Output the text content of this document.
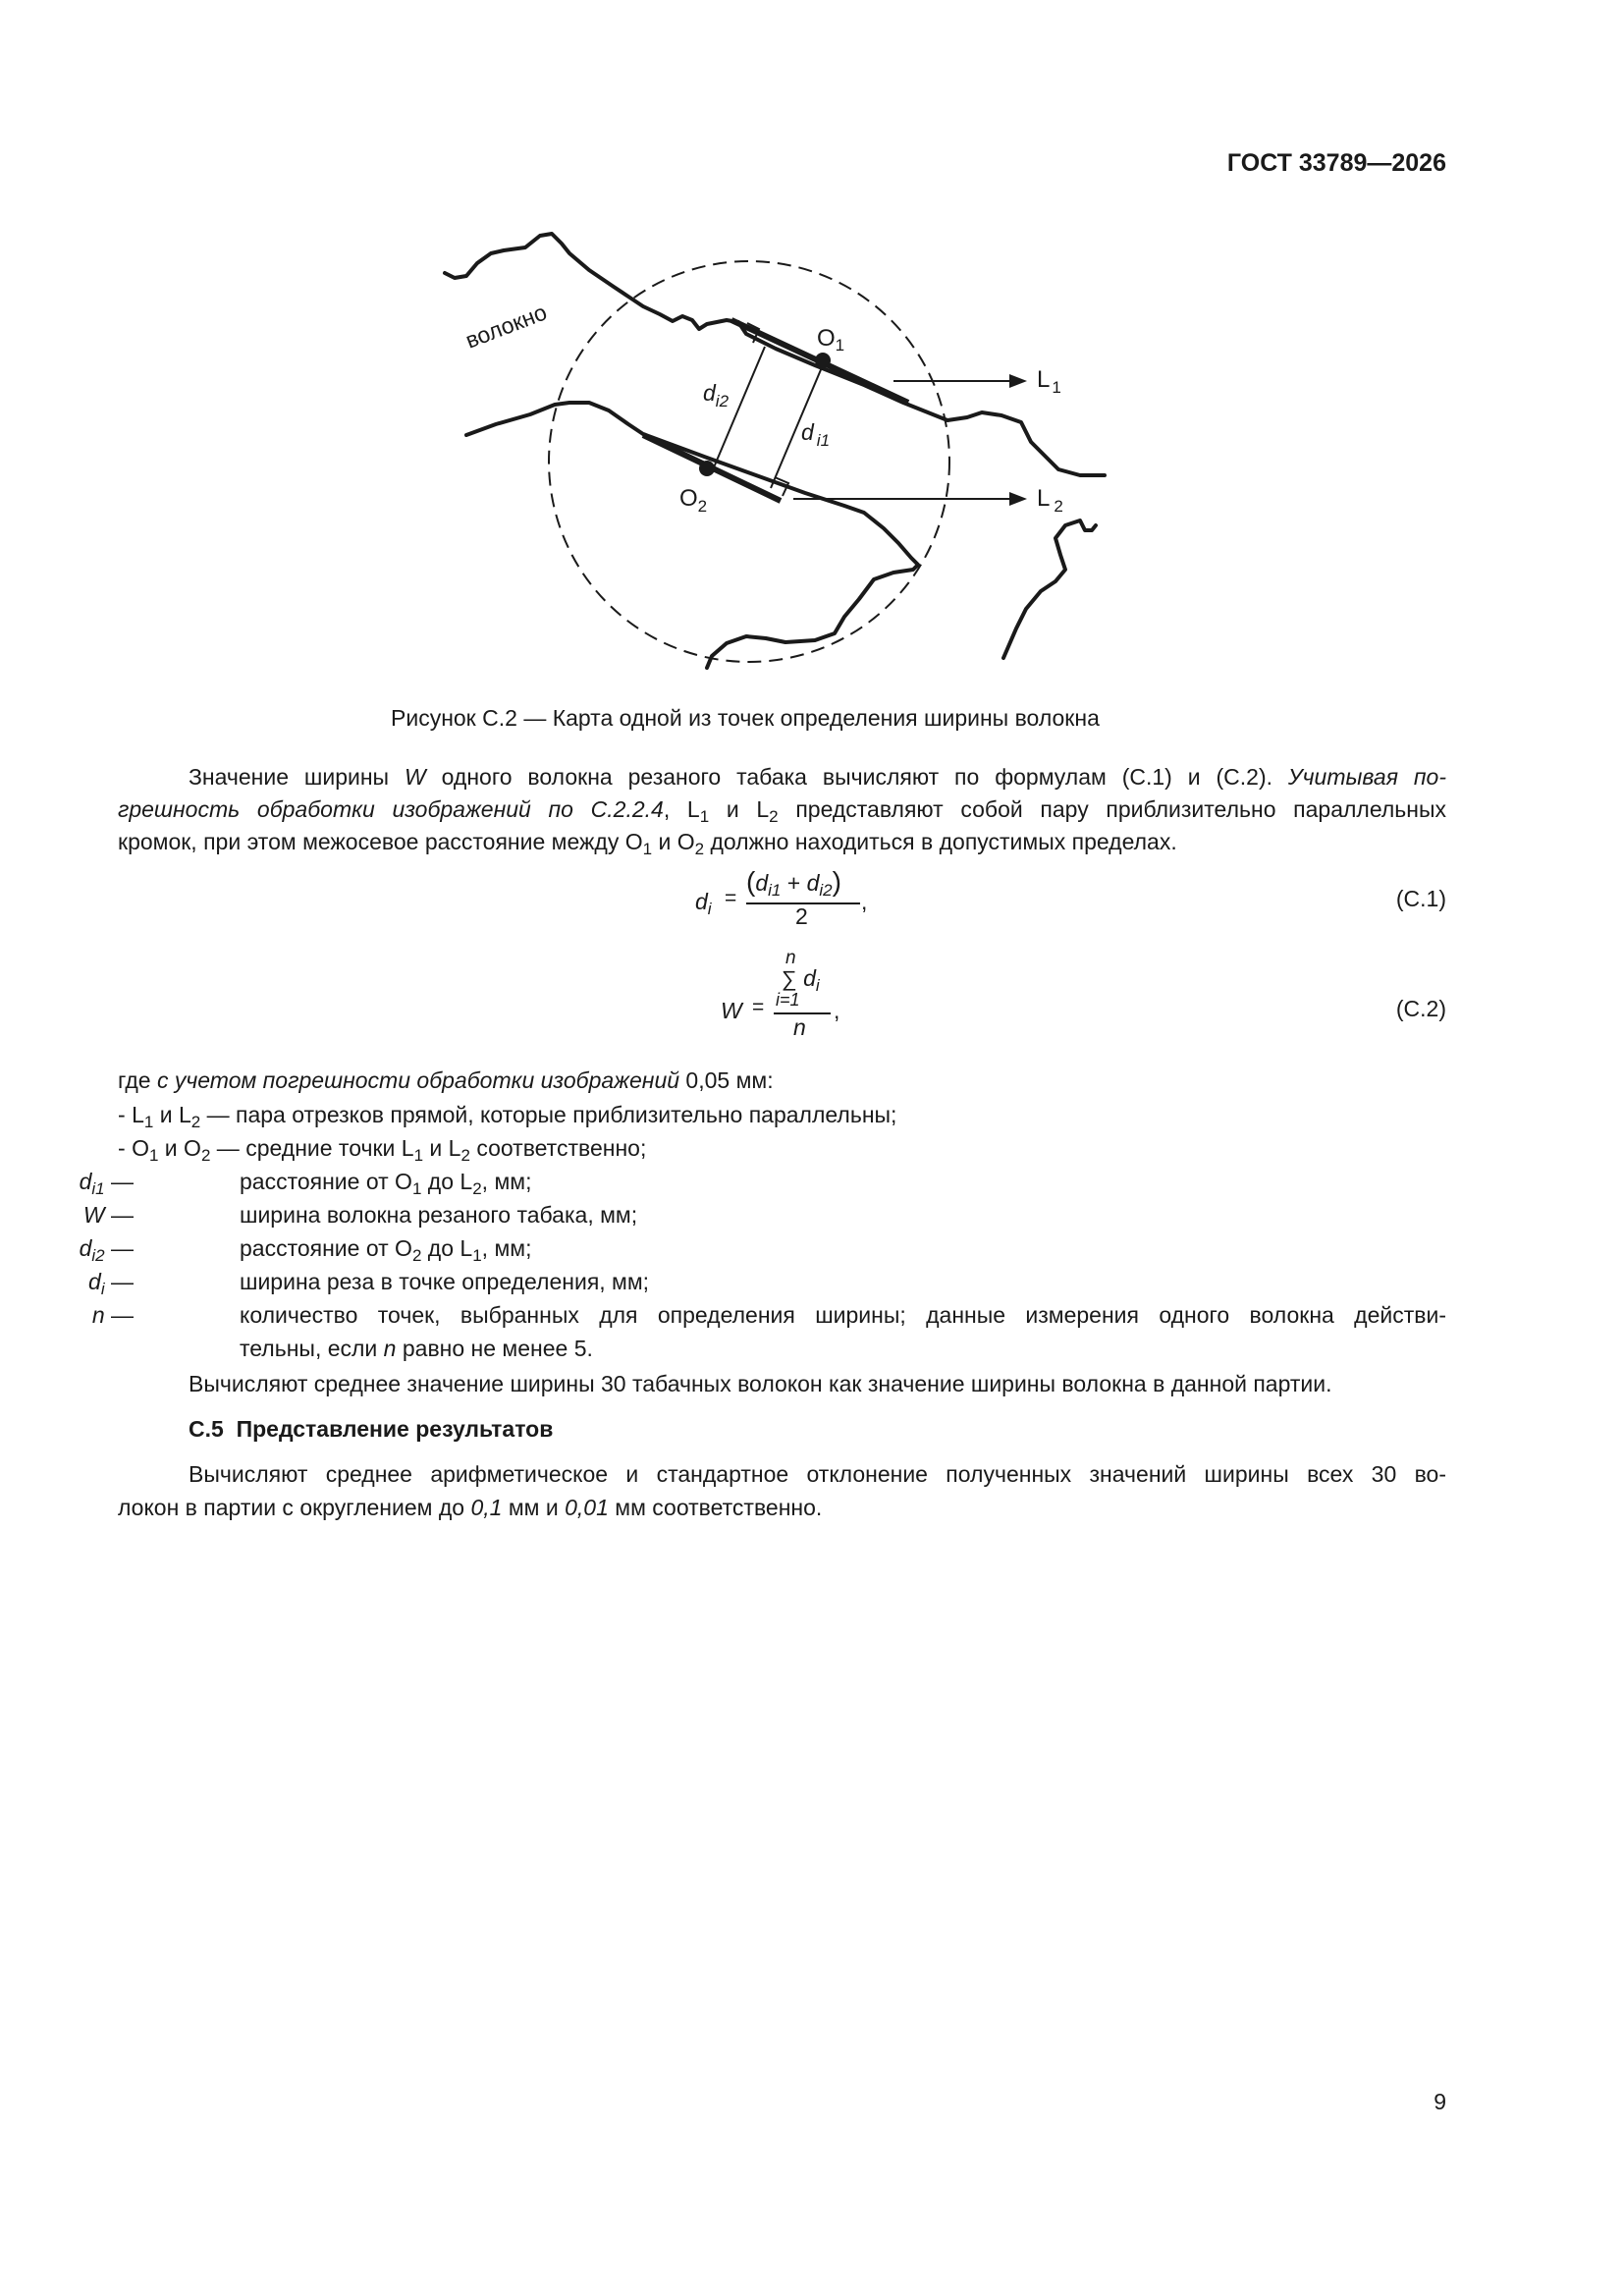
ГОСТ 33789—2026
волокно	$O_1$
L $_1$
$d_{i2}$
d $_{i1}$
$O_2$	L $_2$
Рисунок С.2 — Карта одной из точек определения ширины волокна
Значение ширины W одного волокна резаного табака вычисляют по формулам (С.1) и (С.2). Учитывая по-
грешность обработки изображений по С.2.2.4, $L_1$ и $L_2$ представляют собой пару приблизительно параллельных
кромок, при этом межосевое расстояние между $O_1$ и $O_2$ должно находиться в допустимых пределах.
$d_i$ =
$(d_{i1} + d_{i2})$
2
,	(С.1)
n
∑ $d_i$
i=1
W =
n
,	(С.2)
где с учетом погрешности обработки изображений 0,05 мм:
- $L_1$ и $L_2$ — пара отрезков прямой, которые приблизительно параллельны;
- $O_1$ и $O_2$ — средние точки $L_1$ и $L_2$ соответственно;
$d_{i1}$ —	расстояние от $O_1$ до $L_2$, мм;
W —	ширина волокна резаного табака, мм;
$d_{i2}$ —	расстояние от $O_2$ до $L_1$, мм;
$d_i$ —	ширина реза в точке определения, мм;
n —	количество точек, выбранных для определения ширины; данные измерения одного волокна действи-
тельны, если n равно не менее 5.
Вычисляют среднее значение ширины 30 табачных волокон как значение ширины волокна в данной партии.
С.5 Представление результатов
Вычисляют среднее арифметическое и стандартное отклонение полученных значений ширины всех 30 во-
локон в партии с округлением до 0,1 мм и 0,01 мм соответственно.
9
